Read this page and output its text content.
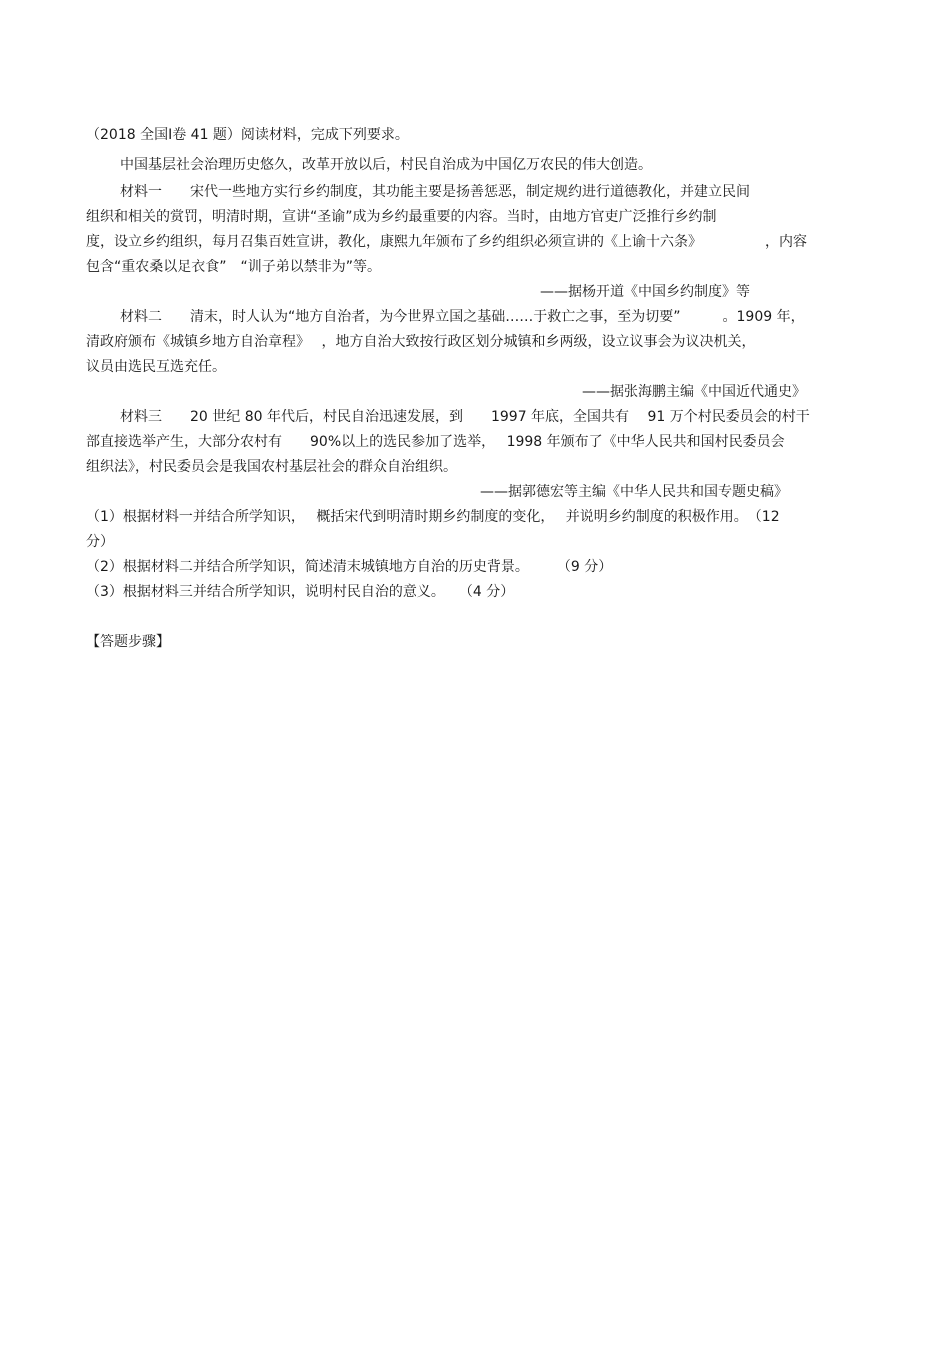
（2018 全国Ⅰ卷 41 题）阅读材料，完成下列要求。
中国基层社会治理历史悠久，改革开放以后，村民自治成为中国亿万农民的伟大创造。
材料一　　宋代一些地方实行乡约制度，其功能主要是扬善惩恶，制定规约进行道德教化，并建立民间
组织和相关的赏罚，明清时期，宣讲“圣谕”成为乡约最重要的内容。当时，由地方官吏广泛推行乡约制
度，设立乡约组织，每月召集百姓宣讲，教化，康熙九年颁布了乡约组织必须宣讲的《上谕十六条》　　　　　，内容
包含“重农桑以足衣食”　“训子弟以禁非为”等。
——据杨开道《中国乡约制度》等
材料二　　清末，时人认为“地方自治者，为今世界立国之基础……于救亡之事，至为切要”　　　。1909 年，
清政府颁布《城镇乡地方自治章程》　 ，地方自治大致按行政区划分城镇和乡两级，设立议事会为议决机关，
议员由选民互选充任。
——据张海鹏主编《中国近代通史》
材料三　　20 世纪 80 年代后，村民自治迅速发展，到　　1997 年底，全国共有　 91 万个村民委员会的村干
部直接选举产生，大部分农村有　　90%以上的选民参加了选举，　 1998 年颁布了《中华人民共和国村民委员会
组织法》，村民委员会是我国农村基层社会的群众自治组织。
——据郭德宏等主编《中华人民共和国专题史稿》
（1）根据材料一并结合所学知识，　 概括宋代到明清时期乡约制度的变化，　 并说明乡约制度的积极作用。　（12
分）
（2）根据材料二并结合所学知识，简述清末城镇地方自治的历史背景。　　　（9 分）
（3）根据材料三并结合所学知识，说明村民自治的意义。　　（4 分）
【答题步骤】
